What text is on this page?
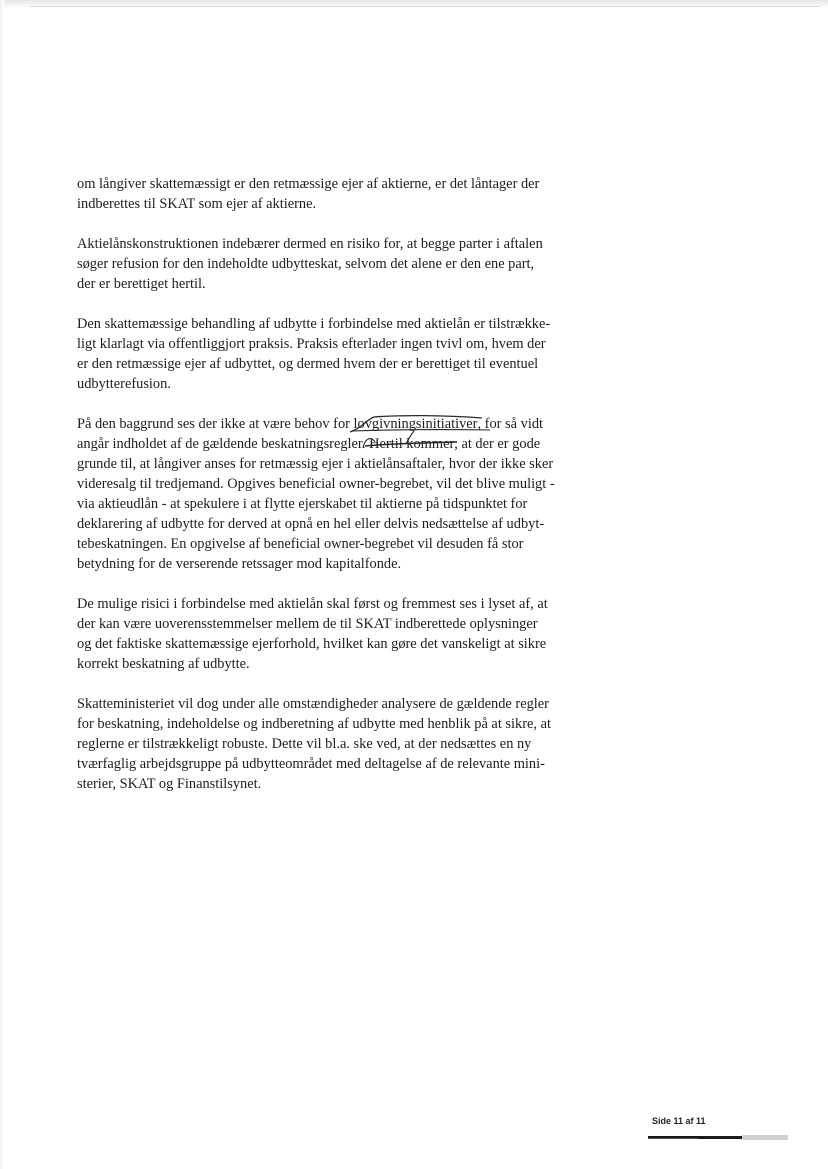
om långiver skattemæssigt er den retmæssige ejer af aktierne, er det låntager der
indberettes til SKAT som ejer af aktierne.

Aktielånskonstruktionen indebærer dermed en risiko for, at begge parter i aftalen
søger refusion for den indeholdte udbytteskat, selvom det alene er den ene part,
der er berettiget hertil.

Den skattemæssige behandling af udbytte i forbindelse med aktielån er tilstrække-
ligt klarlagt via offentliggjort praksis. Praksis efterlader ingen tvivl om, hvem der
er den retmæssige ejer af udbyttet, og dermed hvem der er berettiget til eventuel
udbytterefusion.

På den baggrund ses der ikke at være behov for lovgivningsinitiativer
, for så vidt
angår indholdet af de gældende beskatningsregler. Hertil kommer
, at der er gode
grunde til, at långiver anses for retmæssig ejer i aktielånsaftaler, hvor der ikke sker
videresalg til tredjemand. Opgives beneficial owner-begrebet, vil det blive muligt -
via aktieudlån - at spekulere i at flytte ejerskabet til aktierne på tidspunktet for
deklarering af udbytte for derved at opnå en hel eller delvis nedsættelse af udbyt-
tebeskatningen. En opgivelse af beneficial owner-begrebet vil desuden få stor
betydning for de verserende retssager mod kapitalfonde.

De mulige risici i forbindelse med aktielån skal først og fremmest ses i lyset af, at
der kan være uoverensstemmelser mellem de til SKAT indberettede oplysninger
og det faktiske skattemæssige ejerforhold, hvilket kan gøre det vanskeligt at sikre
korrekt beskatning af udbytte.

Skatteministeriet vil dog under alle omstændigheder analysere de gældende regler
for beskatning, indeholdelse og indberetning af udbytte med henblik på at sikre, at
reglerne er tilstrækkeligt robuste. Dette vil bl.a. ske ved, at der nedsættes en ny
tværfaglig arbejdsgruppe på udbytteområdet med deltagelse af de relevante mini-
sterier, SKAT og Finanstilsynet.

Side 11 af 11
